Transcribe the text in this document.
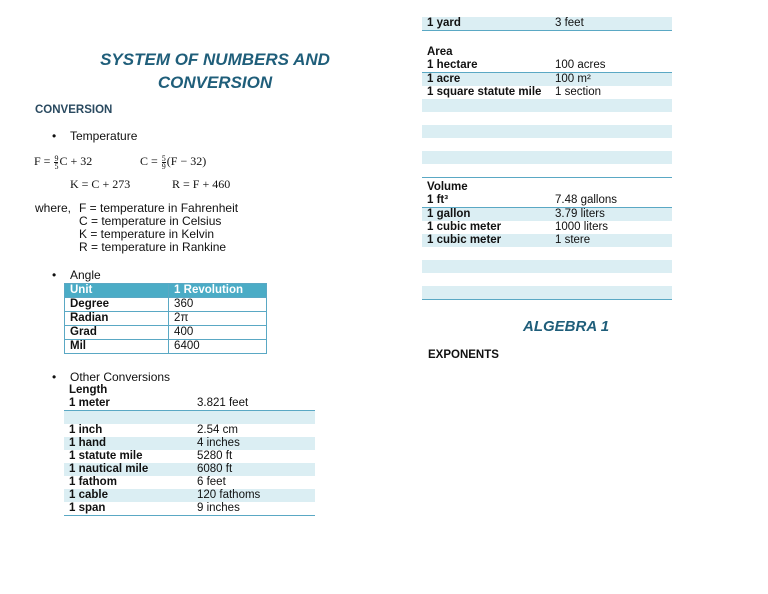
SYSTEM OF NUMBERS AND
CONVERSION
CONVERSION
• Temperature
$F = \frac{9}{5}$ C + 32	$C = \frac{5}{9} (F - 32)$
K = C + 273	R = F + 460
where, F = temperature in Fahrenheit
C = temperature in Celsius
K = temperature in Kelvin
R = temperature in Rankine
• Angle
Unit	1 Revolution
Degree	360
Radian	2π
Grad	400
Mil	6400
• Other Conversions
Length	
1 meter	3.821 feet

1 inch	2.54 cm
1 hand	4 inches
1 statute mile	5280 ft
1 nautical mile	6080 ft
1 fathom	6 feet
1 cable	120 fathoms
1 span	9 inches
1 yard	3 feet
Area	
1 hectare	100 acres
1 acre	100 m²
1 square statute mile	1 section

Volume	
1 ft³	7.48 gallons
1 gallon	3.79 liters
1 cubic meter	1000 liters
1 cubic meter	1 stere

ALGEBRA 1
EXPONENTS
